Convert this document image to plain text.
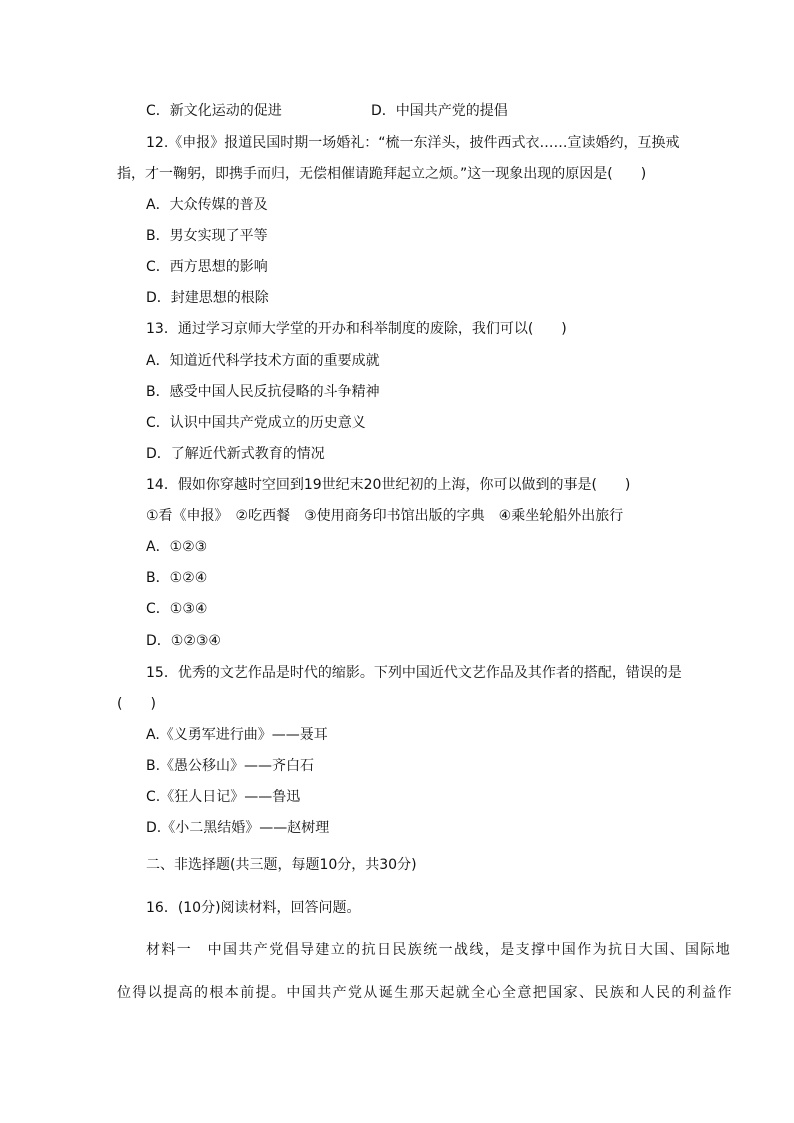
C．新文化运动的促进	D．中国共产党的提倡
12.《申报》报道民国时期一场婚礼：“梳一东洋头，披件西式衣……宣读婚约，互换戒
指，才一鞠躬，即携手而归，无偿相催请跪拜起立之烦。”这一现象出现的原因是(　　)
A．大众传媒的普及
B．男女实现了平等
C．西方思想的影响
D．封建思想的根除
13．通过学习京师大学堂的开办和科举制度的废除，我们可以(　　)
A．知道近代科学技术方面的重要成就
B．感受中国人民反抗侵略的斗争精神
C．认识中国共产党成立的历史意义
D．了解近代新式教育的情况
14．假如你穿越时空回到19世纪末20世纪初的上海，你可以做到的事是(　　)
①看《申报》　②吃西餐　③使用商务印书馆出版的字典　④乘坐轮船外出旅行
A．①②③
B．①②④
C．①③④
D．①②③④
15．优秀的文艺作品是时代的缩影。下列中国近代文艺作品及其作者的搭配，错误的是
(　　)
A.《义勇军进行曲》——聂耳
B.《愚公移山》——齐白石
C.《狂人日记》——鲁迅
D.《小二黑结婚》——赵树理
二、非选择题(共三题，每题10分，共30分)
16．(10分)阅读材料，回答问题。
材料一　中国共产党倡导建立的抗日民族统一战线，是支撑中国作为抗日大国、国际地
位得以提高的根本前提。中国共产党从诞生那天起就全心全意把国家、民族和人民的利益作
